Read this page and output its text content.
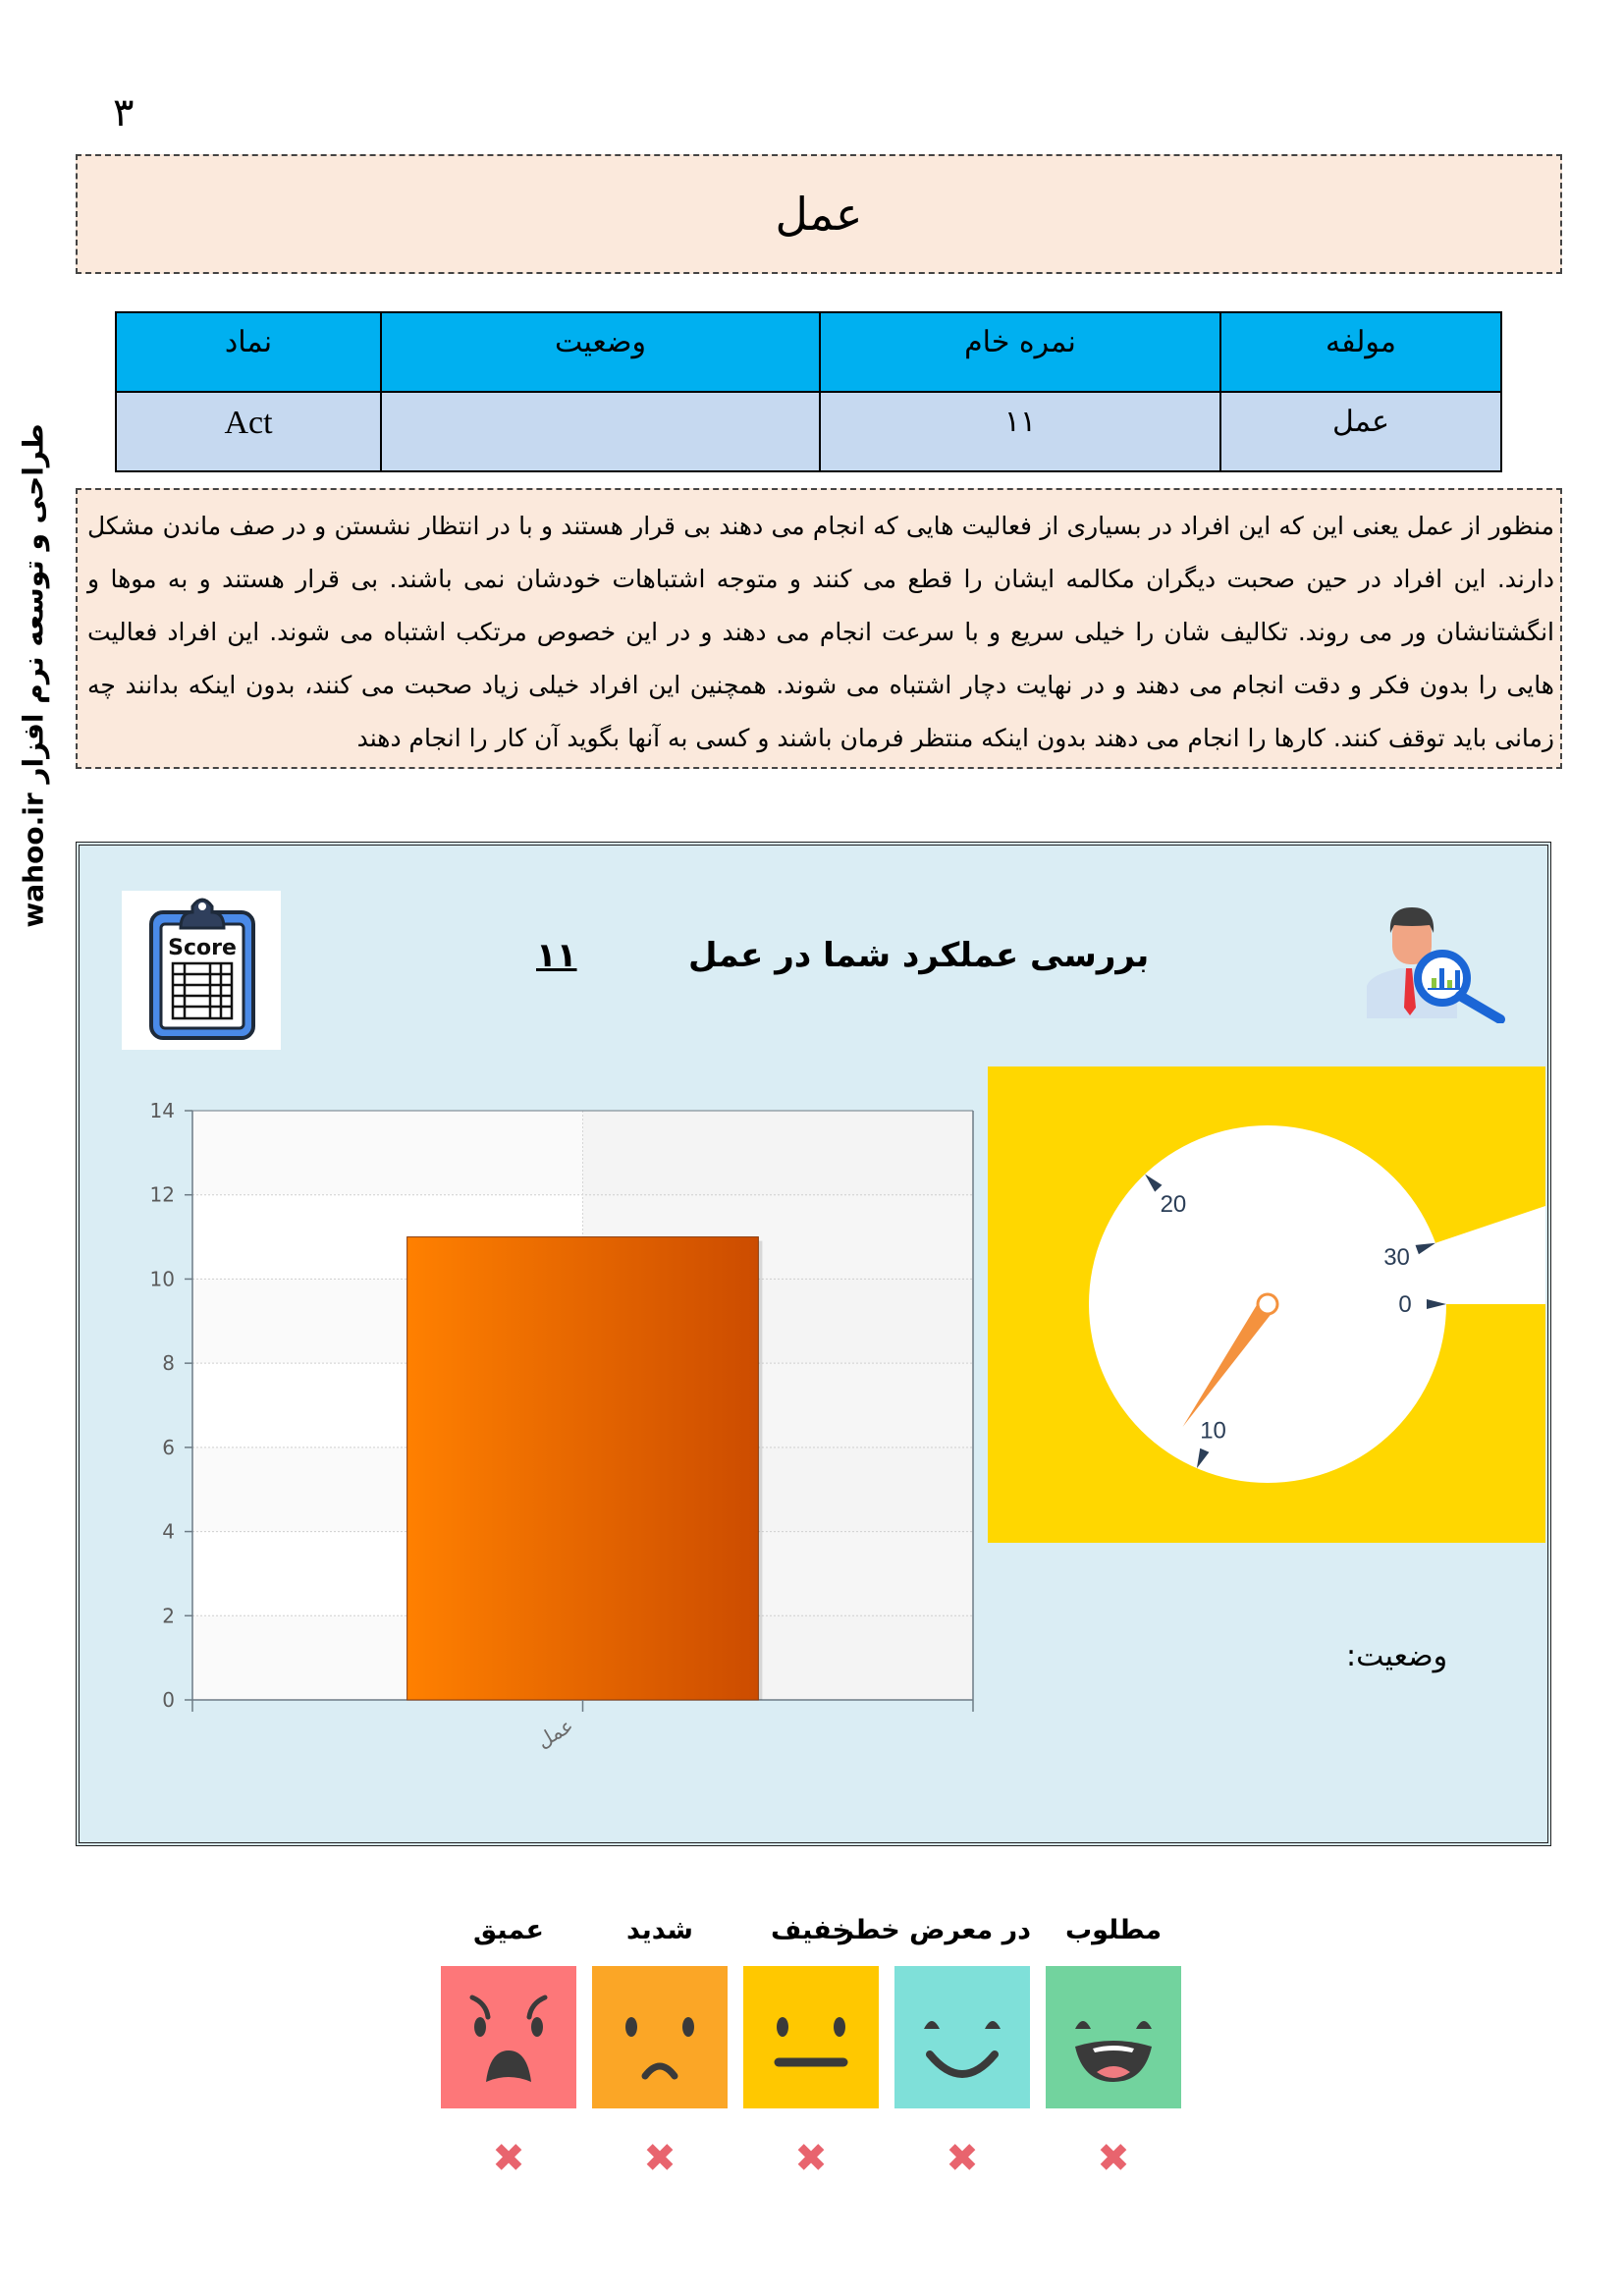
۳
طراحی و توسعه نرم افزار wahoo.ir
عمل
مولفه	نمره خام	وضعیت	نماد
عمل	۱۱		Act
منظور از عمل یعنی این که این افراد در بسیاری از فعالیت هایی که انجام می دهند بی قرار هستند و با در انتظار نشستن و در صف ماندن مشکل دارند. این افراد در حین صحبت دیگران مکالمه ایشان را قطع می کنند و متوجه اشتباهات خودشان نمی باشند. بی قرار هستند و به موها و انگشتانشان ور می روند. تکالیف شان را خیلی سریع و با سرعت انجام می دهند و در این خصوص مرتکب اشتباه می شوند. این افراد فعالیت هایی را بدون فکر و دقت انجام می دهند و در نهایت دچار اشتباه می شوند. همچنین این افراد خیلی زیاد صحبت می کنند، بدون اینکه بدانند چه زمانی باید توقف کنند. کارها را انجام می دهند بدون اینکه منتظر فرمان باشند و کسی به آنها بگوید آن کار را انجام دهند
Score	بررسی عملکرد شما در عمل
۱۱
0
2
4
6
8
10
12
14
عمل
0
10
20
30
وضعیت:
مطلوب
✖
در معرض خطر
✖
خفیف
✖
شدید
✖
عمیق
✖
